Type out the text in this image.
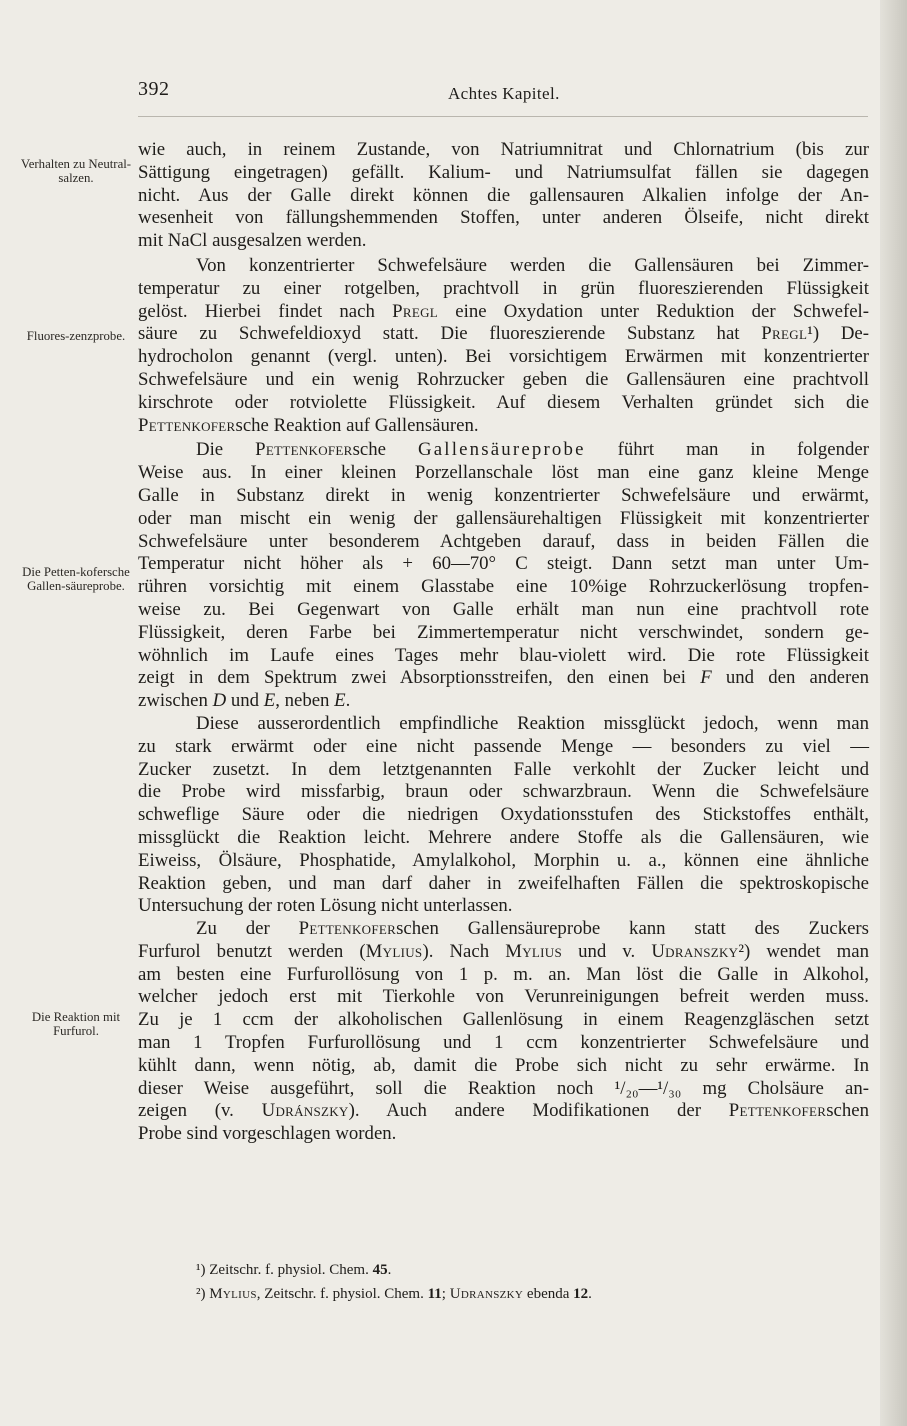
392	Achtes Kapitel.
Verhalten zu Neutral-salzen.
Fluores-zenzprobe.
Die Petten-kofersche Gallen-säureprobe.
Die Reaktion mit Furfurol.
wie auch, in reinem Zustande, von Natriumnitrat und Chlornatrium (bis zur
Sättigung eingetragen) gefällt. Kalium- und Natriumsulfat fällen sie dagegen
nicht. Aus der Galle direkt können die gallensauren Alkalien infolge der An-
wesenheit von fällungshemmenden Stoffen, unter anderen Ölseife, nicht direkt
mit NaCl ausgesalzen werden.
Von konzentrierter Schwefelsäure werden die Gallensäuren bei Zimmer-
temperatur zu einer rotgelben, prachtvoll in grün fluoreszierenden Flüssigkeit
gelöst. Hierbei findet nach Pregl eine Oxydation unter Reduktion der Schwefel-
säure zu Schwefeldioxyd statt. Die fluoreszierende Substanz hat Pregl¹) De-
hydrocholon genannt (vergl. unten). Bei vorsichtigem Erwärmen mit konzentrierter
Schwefelsäure und ein wenig Rohrzucker geben die Gallensäuren eine prachtvoll
kirschrote oder rotviolette Flüssigkeit. Auf diesem Verhalten gründet sich die
Pettenkofersche Reaktion auf Gallensäuren.
Die Pettenkofersche Gallensäureprobe führt man in folgender
Weise aus. In einer kleinen Porzellanschale löst man eine ganz kleine Menge
Galle in Substanz direkt in wenig konzentrierter Schwefelsäure und erwärmt,
oder man mischt ein wenig der gallensäurehaltigen Flüssigkeit mit konzentrierter
Schwefelsäure unter besonderem Achtgeben darauf, dass in beiden Fällen die
Temperatur nicht höher als + 60—70° C steigt. Dann setzt man unter Um-
rühren vorsichtig mit einem Glasstabe eine 10%ige Rohrzuckerlösung tropfen-
weise zu. Bei Gegenwart von Galle erhält man nun eine prachtvoll rote
Flüssigkeit, deren Farbe bei Zimmertemperatur nicht verschwindet, sondern ge-
wöhnlich im Laufe eines Tages mehr blau-violett wird. Die rote Flüssigkeit
zeigt in dem Spektrum zwei Absorptionsstreifen, den einen bei F und den anderen
zwischen D und E, neben E.
Diese ausserordentlich empfindliche Reaktion missglückt jedoch, wenn man
zu stark erwärmt oder eine nicht passende Menge — besonders zu viel —
Zucker zusetzt. In dem letztgenannten Falle verkohlt der Zucker leicht und
die Probe wird missfarbig, braun oder schwarzbraun. Wenn die Schwefelsäure
schweflige Säure oder die niedrigen Oxydationsstufen des Stickstoffes enthält,
missglückt die Reaktion leicht. Mehrere andere Stoffe als die Gallensäuren, wie
Eiweiss, Ölsäure, Phosphatide, Amylalkohol, Morphin u. a., können eine ähnliche
Reaktion geben, und man darf daher in zweifelhaften Fällen die spektroskopische
Untersuchung der roten Lösung nicht unterlassen.
Zu der Pettenkoferschen Gallensäureprobe kann statt des Zuckers
Furfurol benutzt werden (Mylius). Nach Mylius und v. Udranszky²) wendet man
am besten eine Furfurollösung von 1 p. m. an. Man löst die Galle in Alkohol,
welcher jedoch erst mit Tierkohle von Verunreinigungen befreit werden muss.
Zu je 1 ccm der alkoholischen Gallenlösung in einem Reagenzgläschen setzt
man 1 Tropfen Furfurollösung und 1 ccm konzentrierter Schwefelsäure und
kühlt dann, wenn nötig, ab, damit die Probe sich nicht zu sehr erwärme. In
dieser Weise ausgeführt, soll die Reaktion noch ¹/₂₀—¹/₃₀ mg Cholsäure an-
zeigen (v. Udránszky). Auch andere Modifikationen der Pettenkoferschen
Probe sind vorgeschlagen worden.
¹) Zeitschr. f. physiol. Chem. 45.
²) Mylius, Zeitschr. f. physiol. Chem. 11; Udranszky ebenda 12.
